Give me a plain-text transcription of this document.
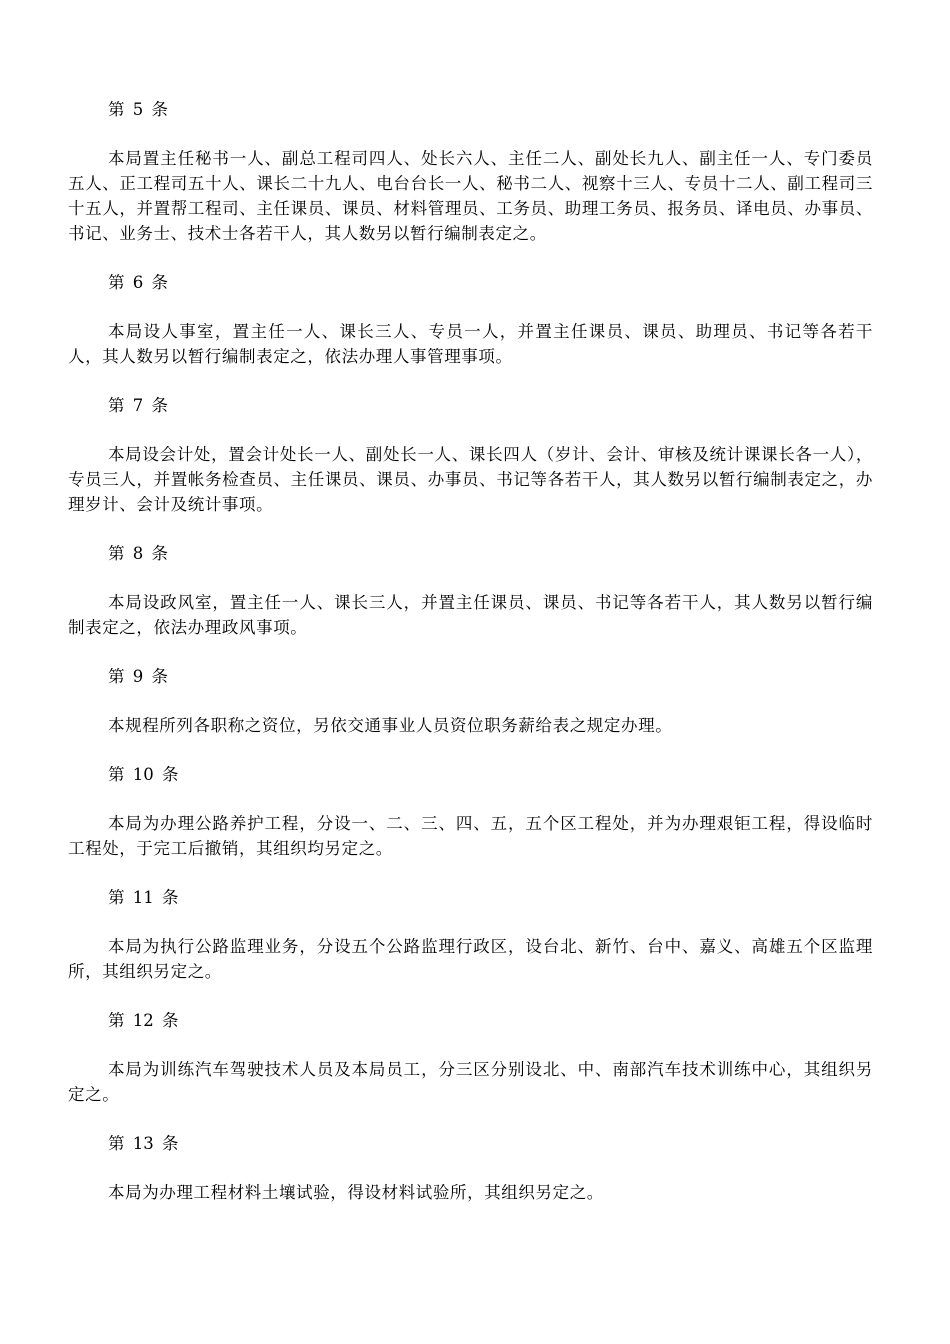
第 5 条

本局置主任秘书一人、副总工程司四人、处长六人、主任二人、副处长九人、副主任一人、专门委员五人、正工程司五十人、课长二十九人、电台台长一人、秘书二人、视察十三人、专员十二人、副工程司三十五人，并置帮工程司、主任课员、课员、材料管理员、工务员、助理工务员、报务员、译电员、办事员、书记、业务士、技术士各若干人，其人数另以暂行编制表定之。

第 6 条

本局设人事室，置主任一人、课长三人、专员一人，并置主任课员、课员、助理员、书记等各若干人，其人数另以暂行编制表定之，依法办理人事管理事项。

第 7 条

本局设会计处，置会计处长一人、副处长一人、课长四人（岁计、会计、审核及统计课课长各一人），专员三人，并置帐务检查员、主任课员、课员、办事员、书记等各若干人，其人数另以暂行编制表定之，办理岁计、会计及统计事项。

第 8 条

本局设政风室，置主任一人、课长三人，并置主任课员、课员、书记等各若干人，其人数另以暂行编制表定之，依法办理政风事项。

第 9 条

本规程所列各职称之资位，另依交通事业人员资位职务薪给表之规定办理。

第 10 条

本局为办理公路养护工程，分设一、二、三、四、五，五个区工程处，并为办理艰钜工程，得设临时工程处，于完工后撤销，其组织均另定之。

第 11 条

本局为执行公路监理业务，分设五个公路监理行政区，设台北、新竹、台中、嘉义、高雄五个区监理所，其组织另定之。

第 12 条

本局为训练汽车驾驶技术人员及本局员工，分三区分别设北、中、南部汽车技术训练中心，其组织另定之。

第 13 条

本局为办理工程材料土壤试验，得设材料试验所，其组织另定之。
